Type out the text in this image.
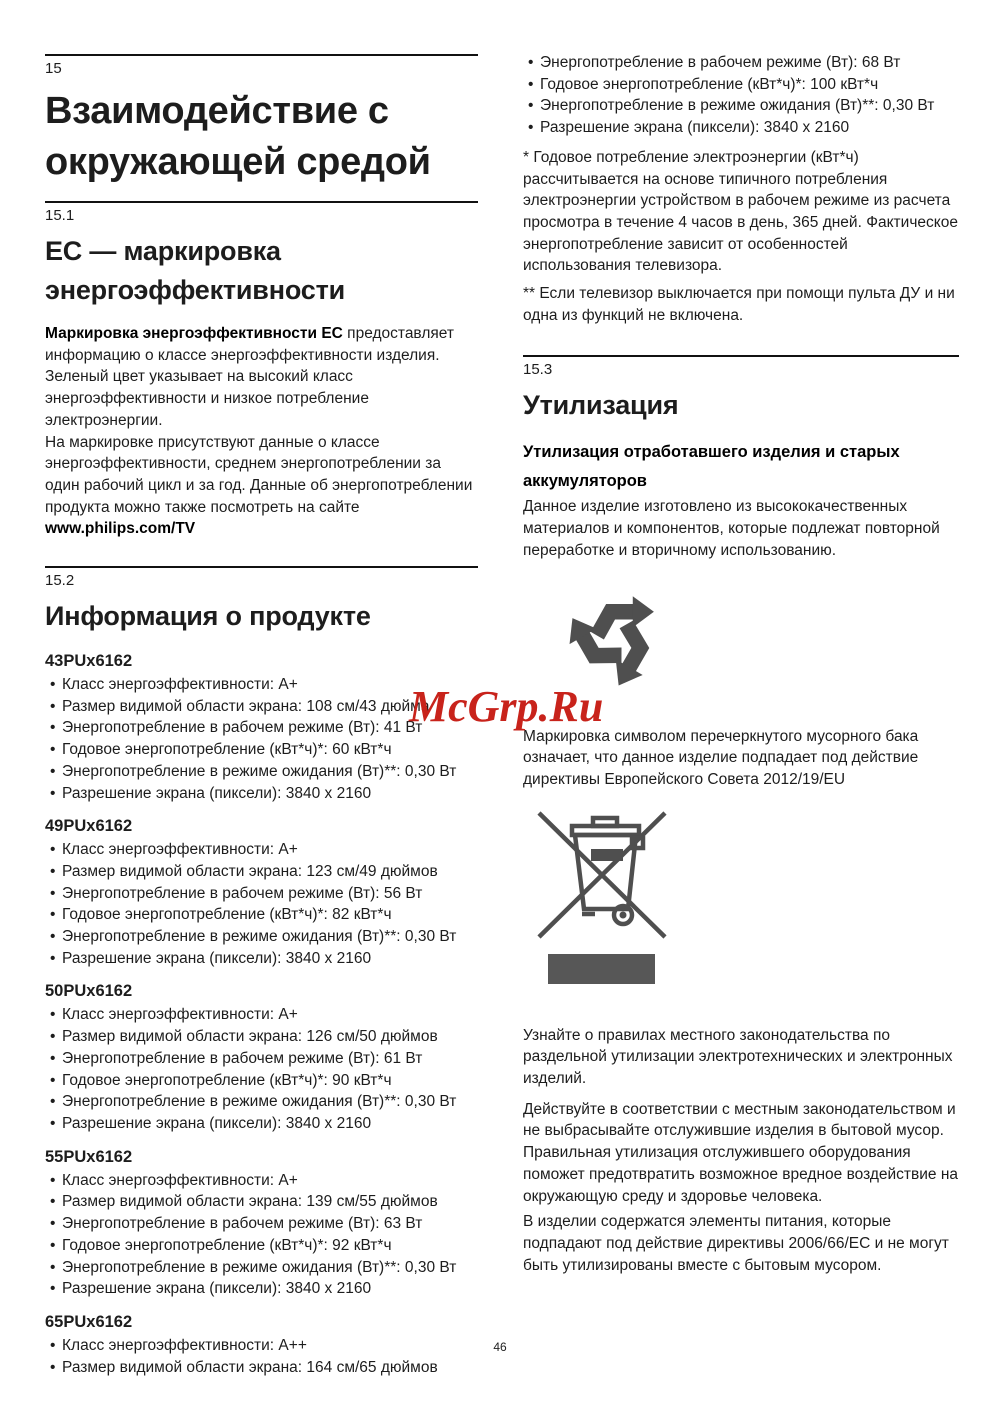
15
Взаимодействие с окружающей средой
15.1
ЕС — маркировка энергоэффективности

Маркировка энергоэффективности ЕС предоставляет информацию о классе энергоэффективности изделия. Зеленый цвет указывает на высокий класс энергоэффективности и низкое потребление электроэнергии.

На маркировке присутствуют данные о классе энергоэффективности, среднем энергопотреблении за один рабочий цикл и за год. Данные об энергопотреблении продукта можно также посмотреть на сайте www.philips.com/TV

15.2
Информация о продукте
43PUx6162
• Класс энергоэффективности: A+
• Размер видимой области экрана: 108 см/43 дюйма
• Энергопотребление в рабочем режиме (Вт): 41 Вт
• Годовое энергопотребление (кВт*ч)*: 60 кВт*ч
• Энергопотребление в режиме ожидания (Вт)**: 0,30 Вт
• Разрешение экрана (пиксели): 3840 x 2160
49PUx6162
• Класс энергоэффективности: A+
• Размер видимой области экрана: 123 см/49 дюймов
• Энергопотребление в рабочем режиме (Вт): 56 Вт
• Годовое энергопотребление (кВт*ч)*: 82 кВт*ч
• Энергопотребление в режиме ожидания (Вт)**: 0,30 Вт
• Разрешение экрана (пиксели): 3840 x 2160
50PUx6162
• Класс энергоэффективности: A+
• Размер видимой области экрана: 126 см/50 дюймов
• Энергопотребление в рабочем режиме (Вт): 61 Вт
• Годовое энергопотребление (кВт*ч)*: 90 кВт*ч
• Энергопотребление в режиме ожидания (Вт)**: 0,30 Вт
• Разрешение экрана (пиксели): 3840 x 2160
55PUx6162
• Класс энергоэффективности: A+
• Размер видимой области экрана: 139 см/55 дюймов
• Энергопотребление в рабочем режиме (Вт): 63 Вт
• Годовое энергопотребление (кВт*ч)*: 92 кВт*ч
• Энергопотребление в режиме ожидания (Вт)**: 0,30 Вт
• Разрешение экрана (пиксели): 3840 x 2160
65PUx6162
• Класс энергоэффективности: A++
• Размер видимой области экрана: 164 см/65 дюймов
• Энергопотребление в рабочем режиме (Вт): 68 Вт
• Годовое энергопотребление (кВт*ч)*: 100 кВт*ч
• Энергопотребление в режиме ожидания (Вт)**: 0,30 Вт
• Разрешение экрана (пиксели): 3840 x 2160

* Годовое потребление электроэнергии (кВт*ч) рассчитывается на основе типичного потребления электроэнергии устройством в рабочем режиме из расчета просмотра в течение 4 часов в день, 365 дней. Фактическое энергопотребление зависит от особенностей использования телевизора.

** Если телевизор выключается при помощи пульта ДУ и ни одна из функций не включена.

15.3
Утилизация
Утилизация отработавшего изделия и старых аккумуляторов

Данное изделие изготовлено из высококачественных материалов и компонентов, которые подлежат повторной переработке и вторичному использованию.

Маркировка символом перечеркнутого мусорного бака означает, что данное изделие подпадает под действие директивы Европейского Совета 2012/19/EU

Узнайте о правилах местного законодательства по раздельной утилизации электротехнических и электронных изделий.

Действуйте в соответствии с местным законодательством и не выбрасывайте отслужившие изделия в бытовой мусор. Правильная утилизация отслужившего оборудования поможет предотвратить возможное вредное воздействие на окружающую среду и здоровье человека.

В изделии содержатся элементы питания, которые подпадают под действие директивы 2006/66/ЕС и не могут быть утилизированы вместе с бытовым мусором.

McGrp.Ru
46
